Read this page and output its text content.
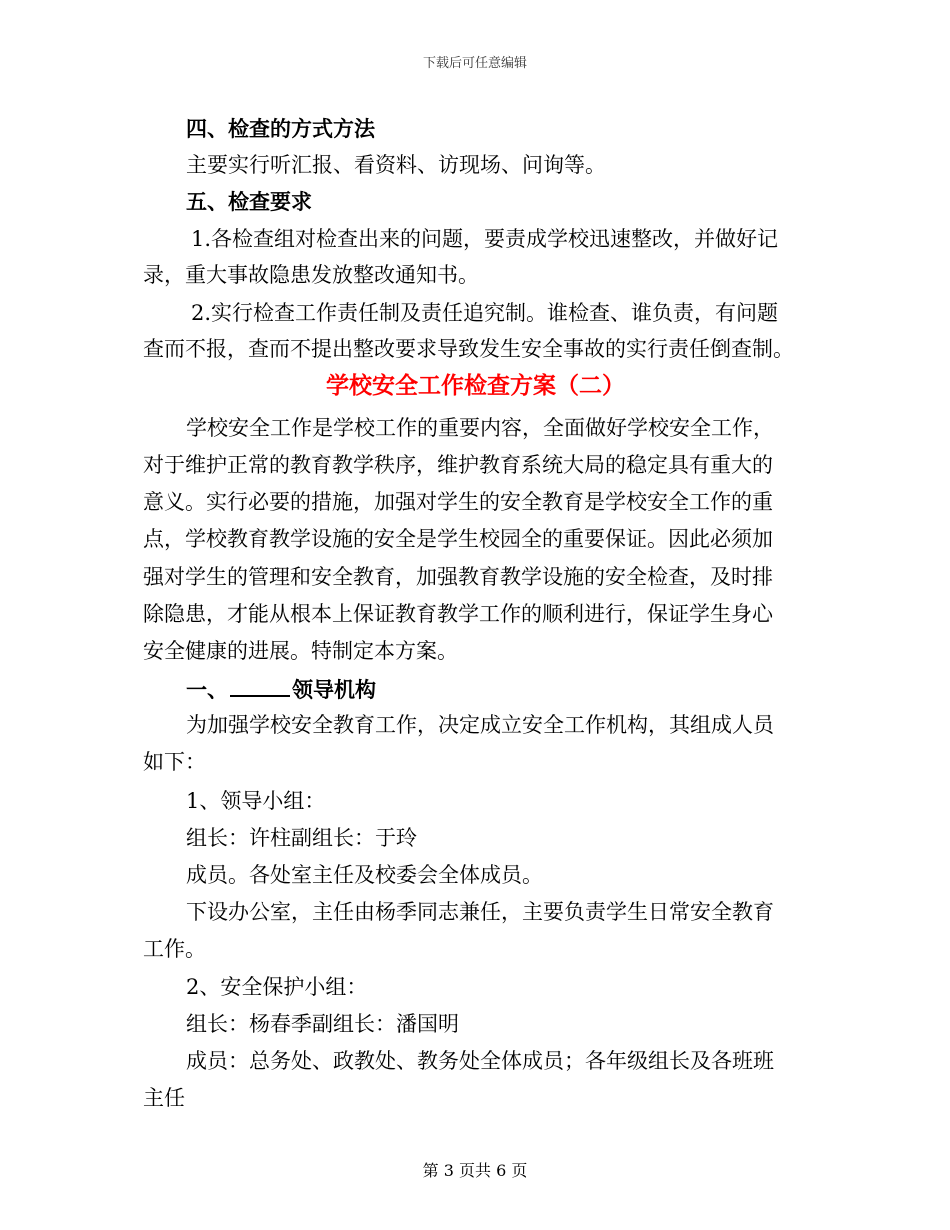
下载后可任意编辑
四、检查的方式方法
主要实行听汇报、看资料、访现场、问询等。
五、检查要求
1.各检查组对检查出来的问题，要责成学校迅速整改，并做好记
录，重大事故隐患发放整改通知书。
2.实行检查工作责任制及责任追究制。谁检查、谁负责，有问题
查而不报，查而不提出整改要求导致发生安全事故的实行责任倒查制。
学校安全工作检查方案（二）
学校安全工作是学校工作的重要内容，全面做好学校安全工作，
对于维护正常的教育教学秩序，维护教育系统大局的稳定具有重大的
意义。实行必要的措施，加强对学生的安全教育是学校安全工作的重
点，学校教育教学设施的安全是学生校园全的重要保证。因此必须加
强对学生的管理和安全教育，加强教育教学设施的安全检查，及时排
除隐患，才能从根本上保证教育教学工作的顺利进行，保证学生身心
安全健康的进展。特制定本方案。
一、	领导机构
为加强学校安全教育工作，决定成立安全工作机构，其组成人员
如下：
1、领导小组：
组长：许柱副组长：于玲
成员。各处室主任及校委会全体成员。
下设办公室，主任由杨季同志兼任，主要负责学生日常安全教育
工作。
2、安全保护小组：
组长：杨春季副组长：潘国明
成员：总务处、政教处、教务处全体成员；各年级组长及各班班
主任
第 3 页共 6 页
